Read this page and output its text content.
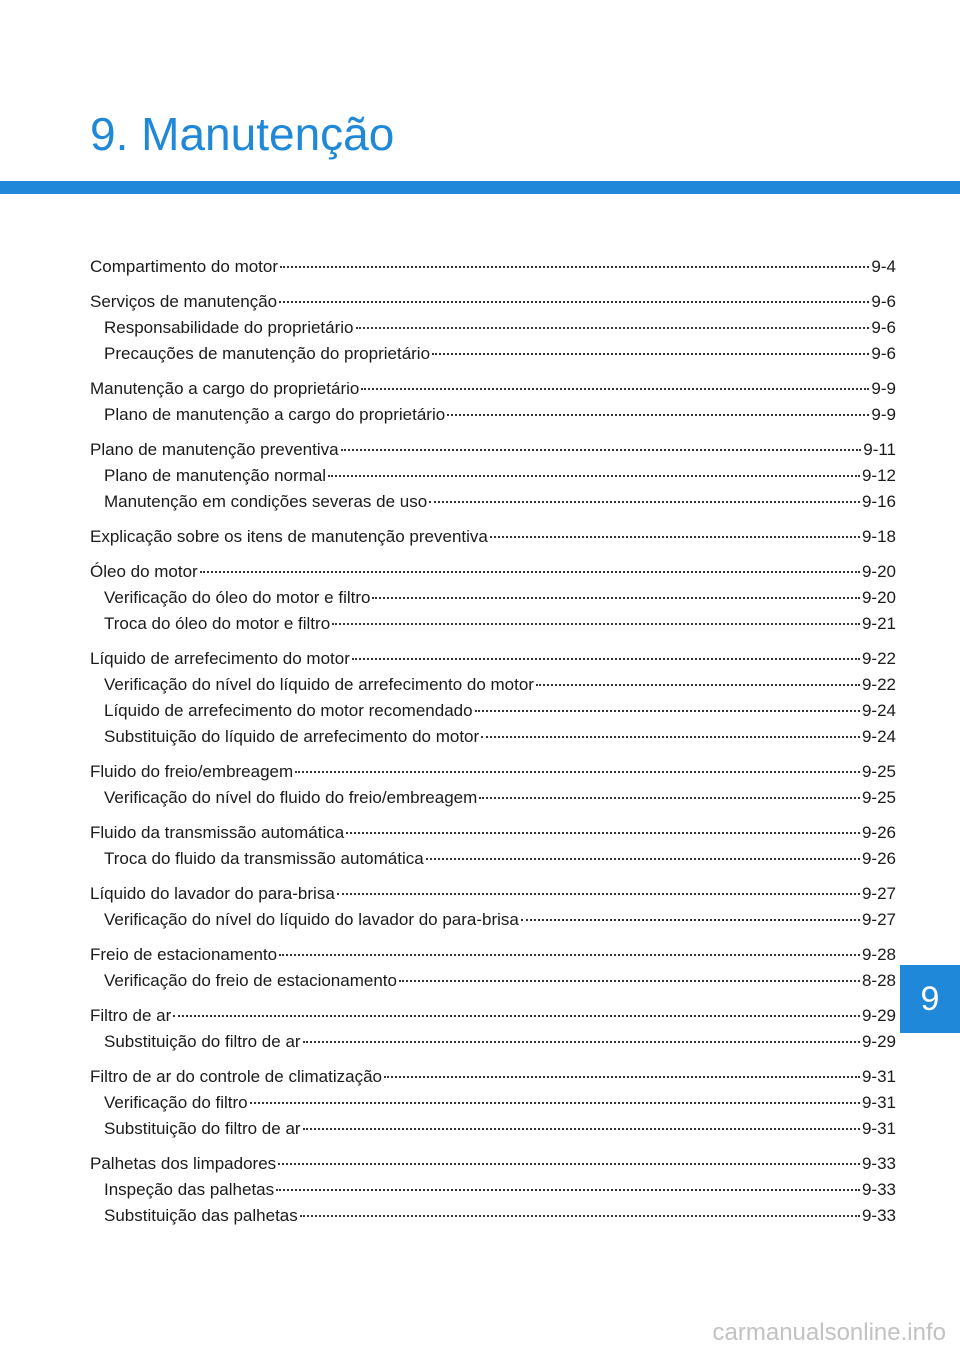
9. Manutenção
Compartimento do motor	9-4
Serviços de manutenção	9-6
Responsabilidade do proprietário	9-6
Precauções de manutenção do proprietário	9-6
Manutenção a cargo do proprietário	9-9
Plano de manutenção a cargo do proprietário	9-9
Plano de manutenção preventiva	9-11
Plano de manutenção normal	9-12
Manutenção em condições severas de uso	9-16
Explicação sobre os itens de manutenção preventiva	9-18
Óleo do motor	9-20
Verificação do óleo do motor e filtro	9-20
Troca do óleo do motor e filtro	9-21
Líquido de arrefecimento do motor	9-22
Verificação do nível do líquido de arrefecimento do motor	9-22
Líquido de arrefecimento do motor recomendado	9-24
Substituição do líquido de arrefecimento do motor	9-24
Fluido do freio/embreagem	9-25
Verificação do nível do fluido do freio/embreagem	9-25
Fluido da transmissão automática	9-26
Troca do fluido da transmissão automática	9-26
Líquido do lavador do para-brisa	9-27
Verificação do nível do líquido do lavador do para-brisa	9-27
Freio de estacionamento	9-28
Verificação do freio de estacionamento	8-28
Filtro de ar	9-29
Substituição do filtro de ar	9-29
Filtro de ar do controle de climatização	9-31
Verificação do filtro	9-31
Substituição do filtro de ar	9-31
Palhetas dos limpadores	9-33
Inspeção das palhetas	9-33
Substituição das palhetas	9-33
9
carmanualsonline.info
